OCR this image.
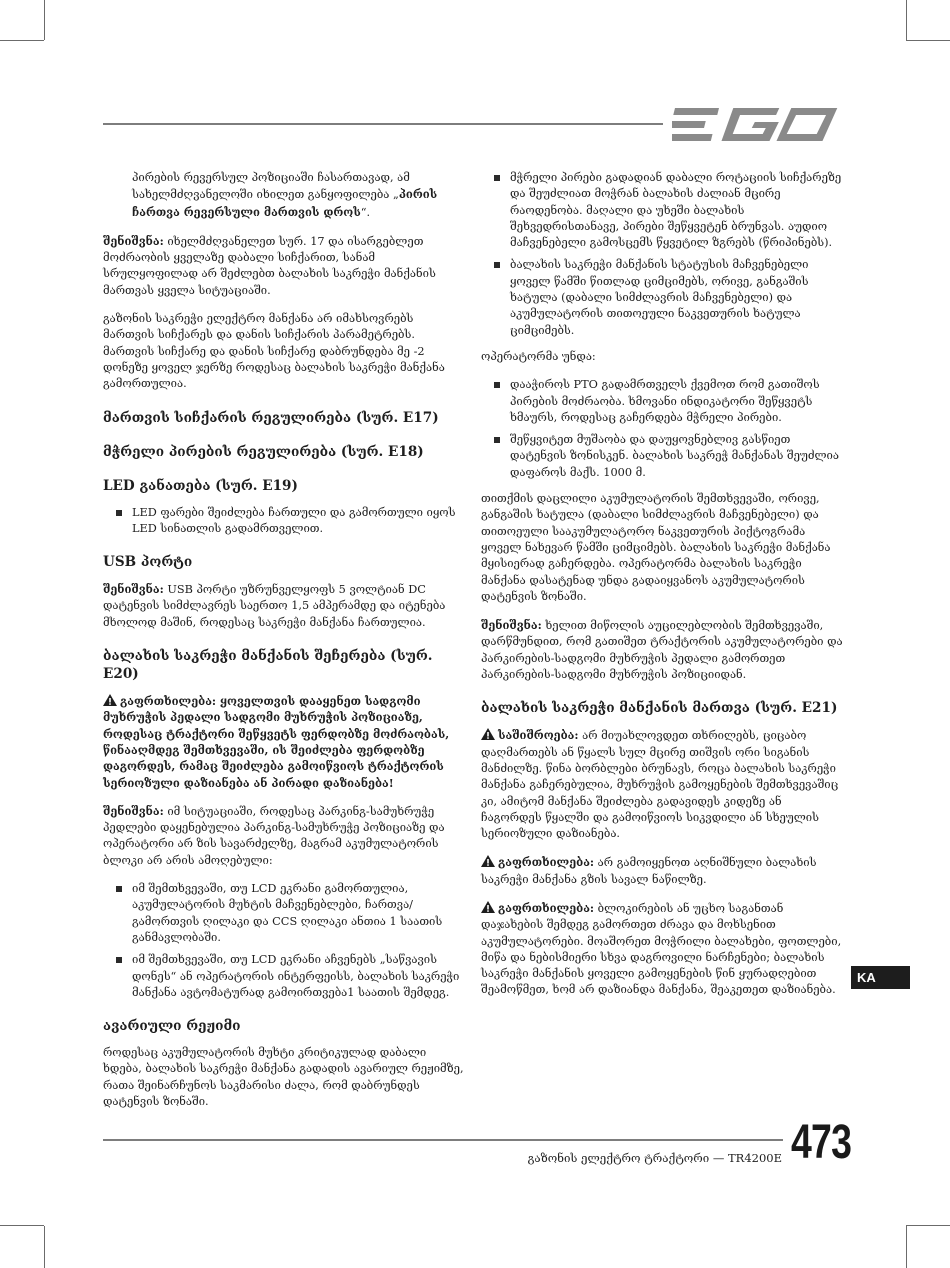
პირების რევერსულ პოზიციაში ჩასართავად, ამ სახელმძღვანელოში იხილეთ განყოფილება „პირის ჩართვა რევერსული მართვის დროს“.

შენიშვნა: იხელმძღვანელეთ სურ. 17 და ისარგებლეთ მოძრაობის ყველაზე დაბალი სიჩქარით, სანამ სრულყოფილად არ შეძლებთ ბალახის საკრეჭი მანქანის მართვას ყველა სიტუაციაში.

გაზონის საკრეჭი ელექტრო მანქანა არ იმახსოვრებს მართვის სიჩქარეს და დანის სიჩქარის პარამეტრებს. მართვის სიჩქარე და დანის სიჩქარე დაბრუნდება მე -2 დონეზე ყოველ ჯერზე როდესაც ბალახის საკრეჭი მანქანა გამორთულია.

მართვის სიჩქარის რეგულირება (სურ. E17)
მჭრელი პირების რეგულირება (სურ. E18)
LED განათება (სურ. E19)
LED ფარები შეიძლება ჩართული და გამორთული იყოს LED სინათლის გადამრთველით.
USB პორტი

შენიშვნა: USB პორტი უზრუნველყოფს 5 ვოლტიან DC დატენვის სიმძლავრეს საერთო 1,5 ამპერამდე და იტენება მხოლოდ მაშინ, როდესაც საკრეჭი მანქანა ჩართულია.

ბალახის საკრეჭი მანქანის შეჩერება (სურ. E20)

გაფრთხილება: ყოველთვის დააყენეთ სადგომი მუხრუჭის პედალი სადგომი მუხრუჭის პოზიციაზე, როდესაც ტრაქტორი შეწყვეტს ფერდობზე მოძრაობას, წინააღმდეგ შემთხვევაში, ის შეიძლება ფერდობზე დაგორდეს, რამაც შეიძლება გამოიწვიოს ტრაქტორის სერიოზული დაზიანება ან პირადი დაზიანება!

შენიშვნა: იმ სიტუაციაში, როდესაც პარკინგ-სამუხრუჭე პედლები დაყენებულია პარკინგ-სამუხრუჭე პოზიციაზე და ოპერატორი არ ზის სავარძელზე, მაგრამ აკუმულატორის ბლოკი არ არის ამოღებული:

იმ შემთხვევაში, თუ LCD ეკრანი გამორთულია, აკუმულატორის მუხტის მაჩვენებლები, ჩართვა/გამორთვის ღილაკი და CCS ღილაკი ანთია 1 საათის განმავლობაში.
იმ შემთხვევაში, თუ LCD ეკრანი აჩვენებს „საწვავის დონეს“ ან ოპერატორის ინტერფეისს, ბალახის საკრეჭი მანქანა ავტომატურად გამოირთვება1 საათის შემდეგ.
ავარიული რეჟიმი

როდესაც აკუმულატორის მუხტი კრიტიკულად დაბალი ხდება, ბალახის საკრეჭი მანქანა გადადის ავარიულ რეჟიმზე, რათა შეინარჩუნოს საკმარისი ძალა, რომ დაბრუნდეს დატენვის ზონაში.

მჭრელი პირები გადადიან დაბალი როტაციის სიჩქარეზე და შეუძლიათ მოჭრან ბალახის ძალიან მცირე რაოდენობა. მაღალი და უხეში ბალახის შეხვედრისთანავე, პირები შეწყვეტენ ბრუნვას. აუდიო მაჩვენებელი გამოსცემს წყვეტილ ზგრებს (წრიპინებს).
ბალახის საკრეჭი მანქანის სტატუსის მაჩვენებელი ყოველ წამში წითლად ციმციმებს, ორივე, განგაშის ხატულა (დაბალი სიმძლავრის მაჩვენებელი) და აკუმულატორის თითოეული ნაკვეთურის ხატულა ციმციმებს.

ოპერატორმა უნდა:

დააჭიროს PTO გადამრთველს ქვემოთ რომ გათიშოს პირების მოძრაობა. ხმოვანი ინდიკატორი შეწყვეტს ხმაურს, როდესაც გაჩერდება მჭრელი პირები.
შეწყვიტეთ მუშაობა და დაუყოვნებლივ გასწიეთ დატენვის ზონისკენ. ბალახის საკრეჭ მანქანას შეუძლია დაფაროს მაქს. 1000 მ.

თითქმის დაცლილი აკუმულატორის შემთხვევაში, ორივე, განგაშის ხატულა (დაბალი სიმძლავრის მაჩვენებელი) და თითოეული სააკუმულატორო ნაკვეთურის პიქტოგრამა ყოველ ნახევარ წამში ციმციმებს. ბალახის საკრეჭი მანქანა მყისიერად გაჩერდება. ოპერატორმა ბალახის საკრეჭი მანქანა დასატენად უნდა გადაიყვანოს აკუმულატორის დატენვის ზონაში.

შენიშვნა: ხელით მიწოლის აუცილებლობის შემთხვევაში, დარწმუნდით, რომ გათიშეთ ტრაქტორის აკუმულატორები და პარკირების-სადგომი მუხრუჭის პედალი გამორთეთ პარკირების-სადგომი მუხრუჭის პოზიციიდან.

ბალახის საკრეჭი მანქანის მართვა (სურ. E21)

საშიშროება: არ მიუახლოვდეთ თხრილებს, ციცაბო დაღმართებს ან წყალს სულ მცირე თიშვის ორი სიგანის მანძილზე. წინა ბორბლები ბრუნავს, როცა ბალახის საკრეჭი მანქანა გაჩერებულია, მუხრუჭის გამოყენების შემთხვევაშიც კი, ამიტომ მანქანა შეიძლება გადავიდეს კიდეზე ან ჩაგორდეს წყალში და გამოიწვიოს სიკვდილი ან სხეულის სერიოზული დაზიანება.

გაფრთხილება: არ გამოიყენოთ აღნიშნული ბალახის საკრეჭი მანქანა გზის სავალ ნაწილზე.

გაფრთხილება: ბლოკირების ან უცხო საგანთან დაჯახების შემდეგ გამორთეთ ძრავა და მოხსენით აკუმულატორები. მოაშორეთ მოჭრილი ბალახები, ფოთლები, მიწა და ნებისმიერი სხვა დაგროვილი ნარჩენები; ბალახის საკრეჭი მანქანის ყოველი გამოყენების წინ ყურადღებით შეამოწმეთ, ხომ არ დაზიანდა მანქანა, შეაკეთეთ დაზიანება.

KA
გაზონის ელექტრო ტრაქტორი — TR4200E 473
